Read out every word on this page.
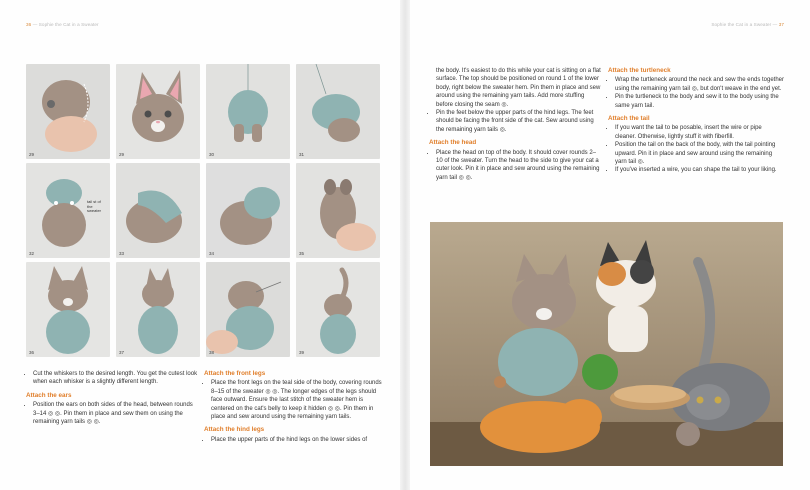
36 — Sophie the Cat in a Sweater	Sophie the Cat in a Sweater — 37
29	29	30	31
32
tail st of
the
sweater
33	34	35
36	37	38	39
• Cut the whiskers to the desired length. You get the cutest look when each whisker is a slightly different length.
Attach the ears
• Position the ears on both sides of the head, between rounds 3–14 ◎ ◎. Pin them in place and sew them on using the remaining yarn tails ◎ ◎.
Attach the front legs
• Place the front legs on the teal side of the body, covering rounds 8–15 of the sweater ◎ ◎. The longer edges of the legs should face outward. Ensure the last stitch of the sweater hem is centered on the cat's belly to keep it hidden ◎ ◎. Pin them in place and sew around using the remaining yarn tails.
Attach the hind legs
• Place the upper parts of the hind legs on the lower sides of
the body. It's easiest to do this while your cat is sitting on a flat surface. The top should be positioned on round 1 of the lower body, right below the sweater hem. Pin them in place and sew around using the remaining yarn tails. Add more stuffing before closing the seam ◎.
• Pin the feet below the upper parts of the hind legs. The feet should be facing the front side of the cat. Sew around using the remaining yarn tails ◎.
Attach the head
• Place the head on top of the body. It should cover rounds 2–10 of the sweater. Turn the head to the side to give your cat a cuter look. Pin it in place and sew around using the remaining yarn tail ◎ ◎.
Attach the turtleneck
• Wrap the turtleneck around the neck and sew the ends together using the remaining yarn tail ◎, but don't weave in the end yet.
• Pin the turtleneck to the body and sew it to the body using the same yarn tail.
Attach the tail
• If you want the tail to be posable, insert the wire or pipe cleaner. Otherwise, lightly stuff it with fiberfill.
• Position the tail on the back of the body, with the tail pointing upward. Pin it in place and sew around using the remaining yarn tail ◎.
• If you've inserted a wire, you can shape the tail to your liking.
